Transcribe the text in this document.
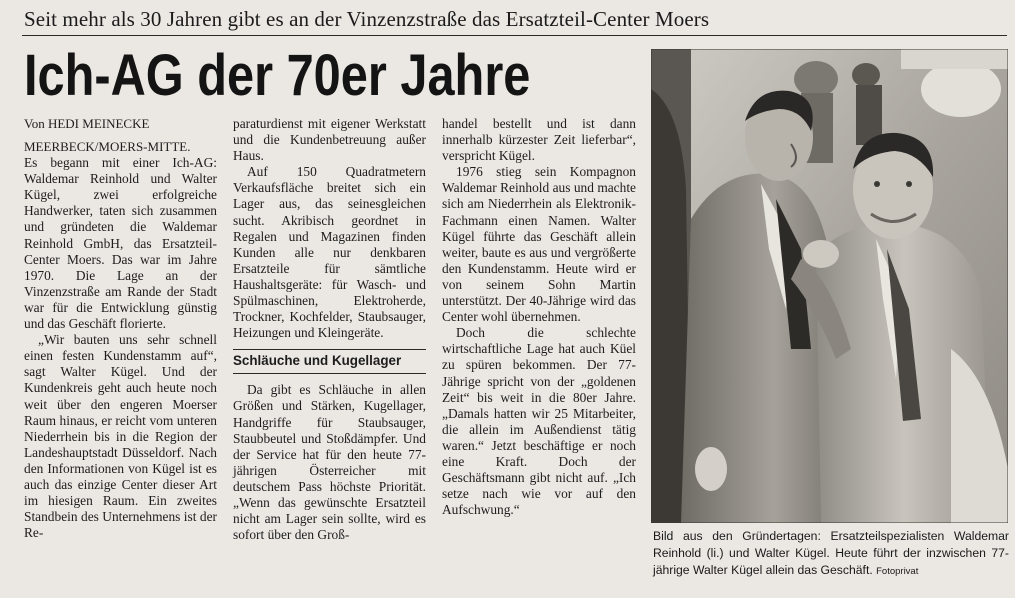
Seit mehr als 30 Jahren gibt es an der Vinzenzstraße das Ersatzteil-Center Moers
Ich-AG der 70er Jahre
Von HEDI MEINECKE

MEERBECK/MOERS-MITTE.
Es begann mit einer Ich-AG: Waldemar Reinhold und Walter Kügel, zwei erfolgreiche Handwerker, taten sich zusammen und gründeten die Waldemar Reinhold GmbH, das Ersatzteil-Center Moers. Das war im Jahre 1970. Die Lage an der Vinzenzstraße am Rande der Stadt war für die Entwicklung günstig und das Geschäft florierte.

„Wir bauten uns sehr schnell einen festen Kundenstamm auf“, sagt Walter Kügel. Und der Kundenkreis geht auch heute noch weit über den engeren Moerser Raum hinaus, er reicht vom unteren Niederrhein bis in die Region der Landeshauptstadt Düsseldorf. Nach den Informationen von Kügel ist es auch das einzige Center dieser Art im hiesigen Raum. Ein zweites Standbein des Unternehmens ist der Re-

paraturdienst mit eigener Werkstatt und die Kundenbetreuung außer Haus.

Auf 150 Quadratmetern Verkaufsfläche breitet sich ein Lager aus, das seinesgleichen sucht. Akribisch geordnet in Regalen und Magazinen finden Kunden alle nur denkbaren Ersatzteile für sämtliche Haushaltsgeräte: für Wasch- und Spülmaschinen, Elektroherde, Trockner, Kochfelder, Staubsauger, Heizungen und Kleingeräte.

Schläuche und Kugellager

Da gibt es Schläuche in allen Größen und Stärken, Kugellager, Handgriffe für Staubsauger, Staubbeutel und Stoßdämpfer. Und der Service hat für den heute 77-jährigen Österreicher mit deutschem Pass höchste Priorität. „Wenn das gewünschte Ersatzteil nicht am Lager sein sollte, wird es sofort über den Groß-

handel bestellt und ist dann innerhalb kürzester Zeit lieferbar“, verspricht Kügel.

1976 stieg sein Kompagnon Waldemar Reinhold aus und machte sich am Niederrhein als Elektronik-Fachmann einen Namen. Walter Kügel führte das Geschäft allein weiter, baute es aus und vergrößerte den Kundenstamm. Heute wird er von seinem Sohn Martin unterstützt. Der 40-Jährige wird das Center wohl übernehmen.

Doch die schlechte wirtschaftliche Lage hat auch Küel zu spüren bekommen. Der 77-Jährige spricht von der „goldenen Zeit“ bis weit in die 80er Jahre. „Damals hatten wir 25 Mitarbeiter, die allein im Außendienst tätig waren.“ Jetzt beschäftige er noch eine Kraft. Doch der Geschäftsmann gibt nicht auf. „Ich setze nach wie vor auf den Aufschwung.“

Bild aus den Gründertagen: Ersatzteilspezialisten Waldemar Reinhold (li.) und Walter Kügel. Heute führt der inzwischen 77-jährige Walter Kügel allein das Geschäft. Fotoprivat
